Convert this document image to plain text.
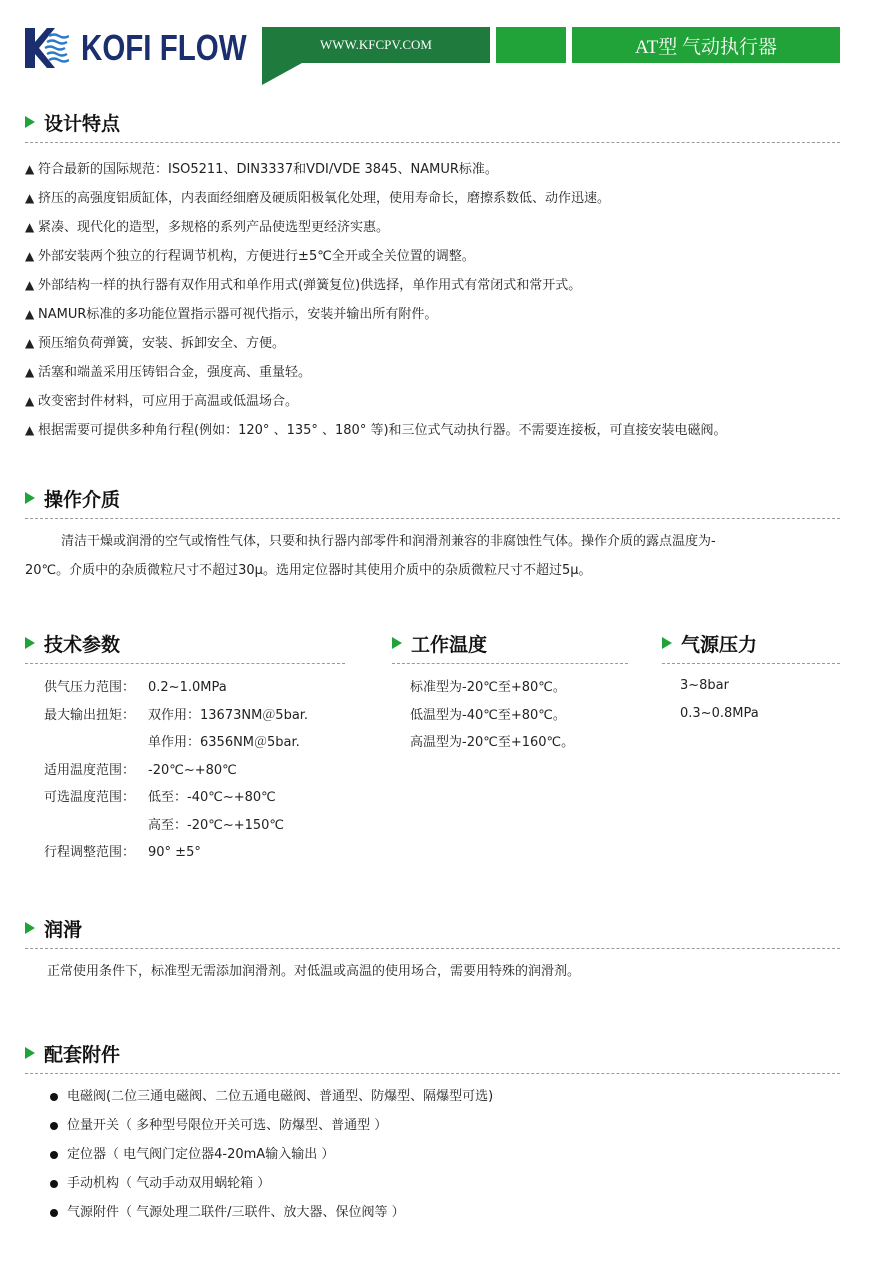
KOFI FLOW	WWW.KFCPV.COM	AT型 气动执行器
设计特点
▲ 符合最新的国际规范：ISO5211、DIN3337和VDI/VDE 3845、NAMUR标准。
▲ 挤压的高强度铝质缸体，内表面经细磨及硬质阳极氧化处理，使用寿命长，磨擦系数低、动作迅速。
▲ 紧凑、现代化的造型，多规格的系列产品使选型更经济实惠。
▲ 外部安装两个独立的行程调节机构，方便进行±5℃全开或全关位置的调整。
▲ 外部结构一样的执行器有双作用式和单作用式(弹簧复位)供选择，单作用式有常闭式和常开式。
▲ NAMUR标准的多功能位置指示器可视代指示，安装并输出所有附件。
▲ 预压缩负荷弹簧，安装、拆卸安全、方便。
▲ 活塞和端盖采用压铸铝合金，强度高、重量轻。
▲ 改变密封件材料，可应用于高温或低温场合。
▲ 根据需要可提供多种角行程(例如：120° 、135° 、180° 等)和三位式气动执行器。不需要连接板，可直接安装电磁阀。
操作介质
清洁干燥或润滑的空气或惰性气体，只要和执行器内部零件和润滑剂兼容的非腐蚀性气体。操作介质的露点温度为-
20℃。介质中的杂质微粒尺寸不超过30μ。选用定位器时其使用介质中的杂质微粒尺寸不超过5μ。
技术参数
供气压力范围： 0.2~1.0MPa
最大输出扭矩： 双作用：13673NM＠5bar.
单作用：6356NM＠5bar.
适用温度范围： -20℃~+80℃
可选温度范围： 低至：-40℃~+80℃
高至：-20℃~+150℃
行程调整范围： 90° ±5°
工作温度
标准型为-20℃至+80℃。
低温型为-40℃至+80℃。
高温型为-20℃至+160℃。
气源压力
3~8bar
0.3~0.8MPa
润滑
正常使用条件下，标准型无需添加润滑剂。对低温或高温的使用场合，需要用特殊的润滑剂。
配套附件
电磁阀(二位三通电磁阀、二位五通电磁阀、普通型、防爆型、隔爆型可选)
位量开关（ 多种型号限位开关可选、防爆型、普通型 ）
定位器（ 电气阀门定位器4-20mA输入输出 ）
手动机构（ 气动手动双用蜗轮箱 ）
气源附件（ 气源处理二联件/三联件、放大器、保位阀等 ）
